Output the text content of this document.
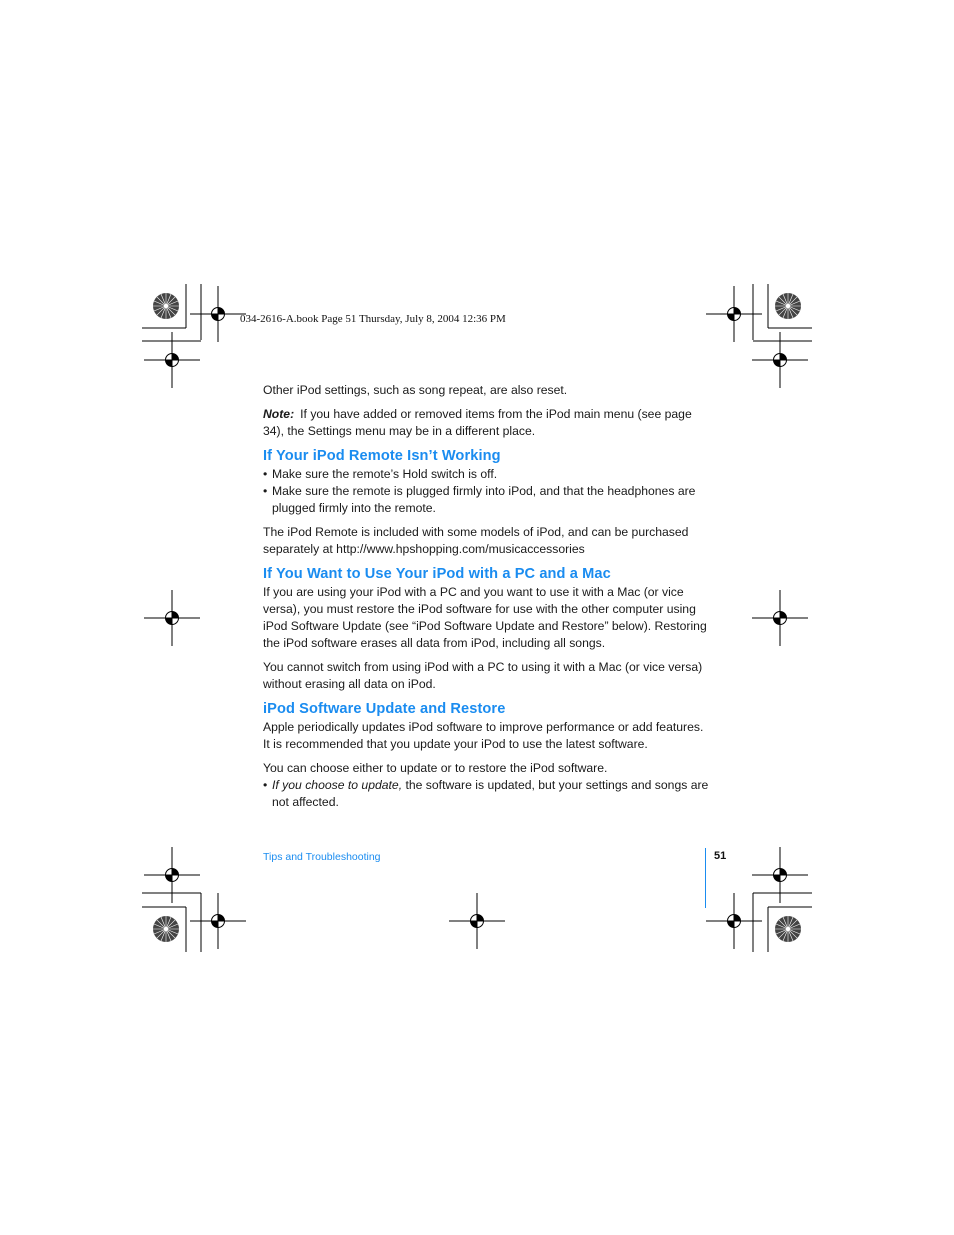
034-2616-A.book Page 51 Thursday, July 8, 2004 12:36 PM

Other iPod settings, such as song repeat, are also reset.

Note: If you have added or removed items from the iPod main menu (see page 34), the Settings menu may be in a different place.

If Your iPod Remote Isn’t Working
• Make sure the remote’s Hold switch is off.
• Make sure the remote is plugged firmly into iPod, and that the headphones are plugged firmly into the remote.

The iPod Remote is included with some models of iPod, and can be purchased separately at http://www.hpshopping.com/musicaccessories

If You Want to Use Your iPod with a PC and a Mac

If you are using your iPod with a PC and you want to use it with a Mac (or vice versa), you must restore the iPod software for use with the other computer using iPod Software Update (see “iPod Software Update and Restore” below). Restoring the iPod software erases all data from iPod, including all songs.

You cannot switch from using iPod with a PC to using it with a Mac (or vice versa) without erasing all data on iPod.

iPod Software Update and Restore

Apple periodically updates iPod software to improve performance or add features. It is recommended that you update your iPod to use the latest software.

You can choose either to update or to restore the iPod software.

• If you choose to update, the software is updated, but your settings and songs are not affected.
Tips and Troubleshooting	51
